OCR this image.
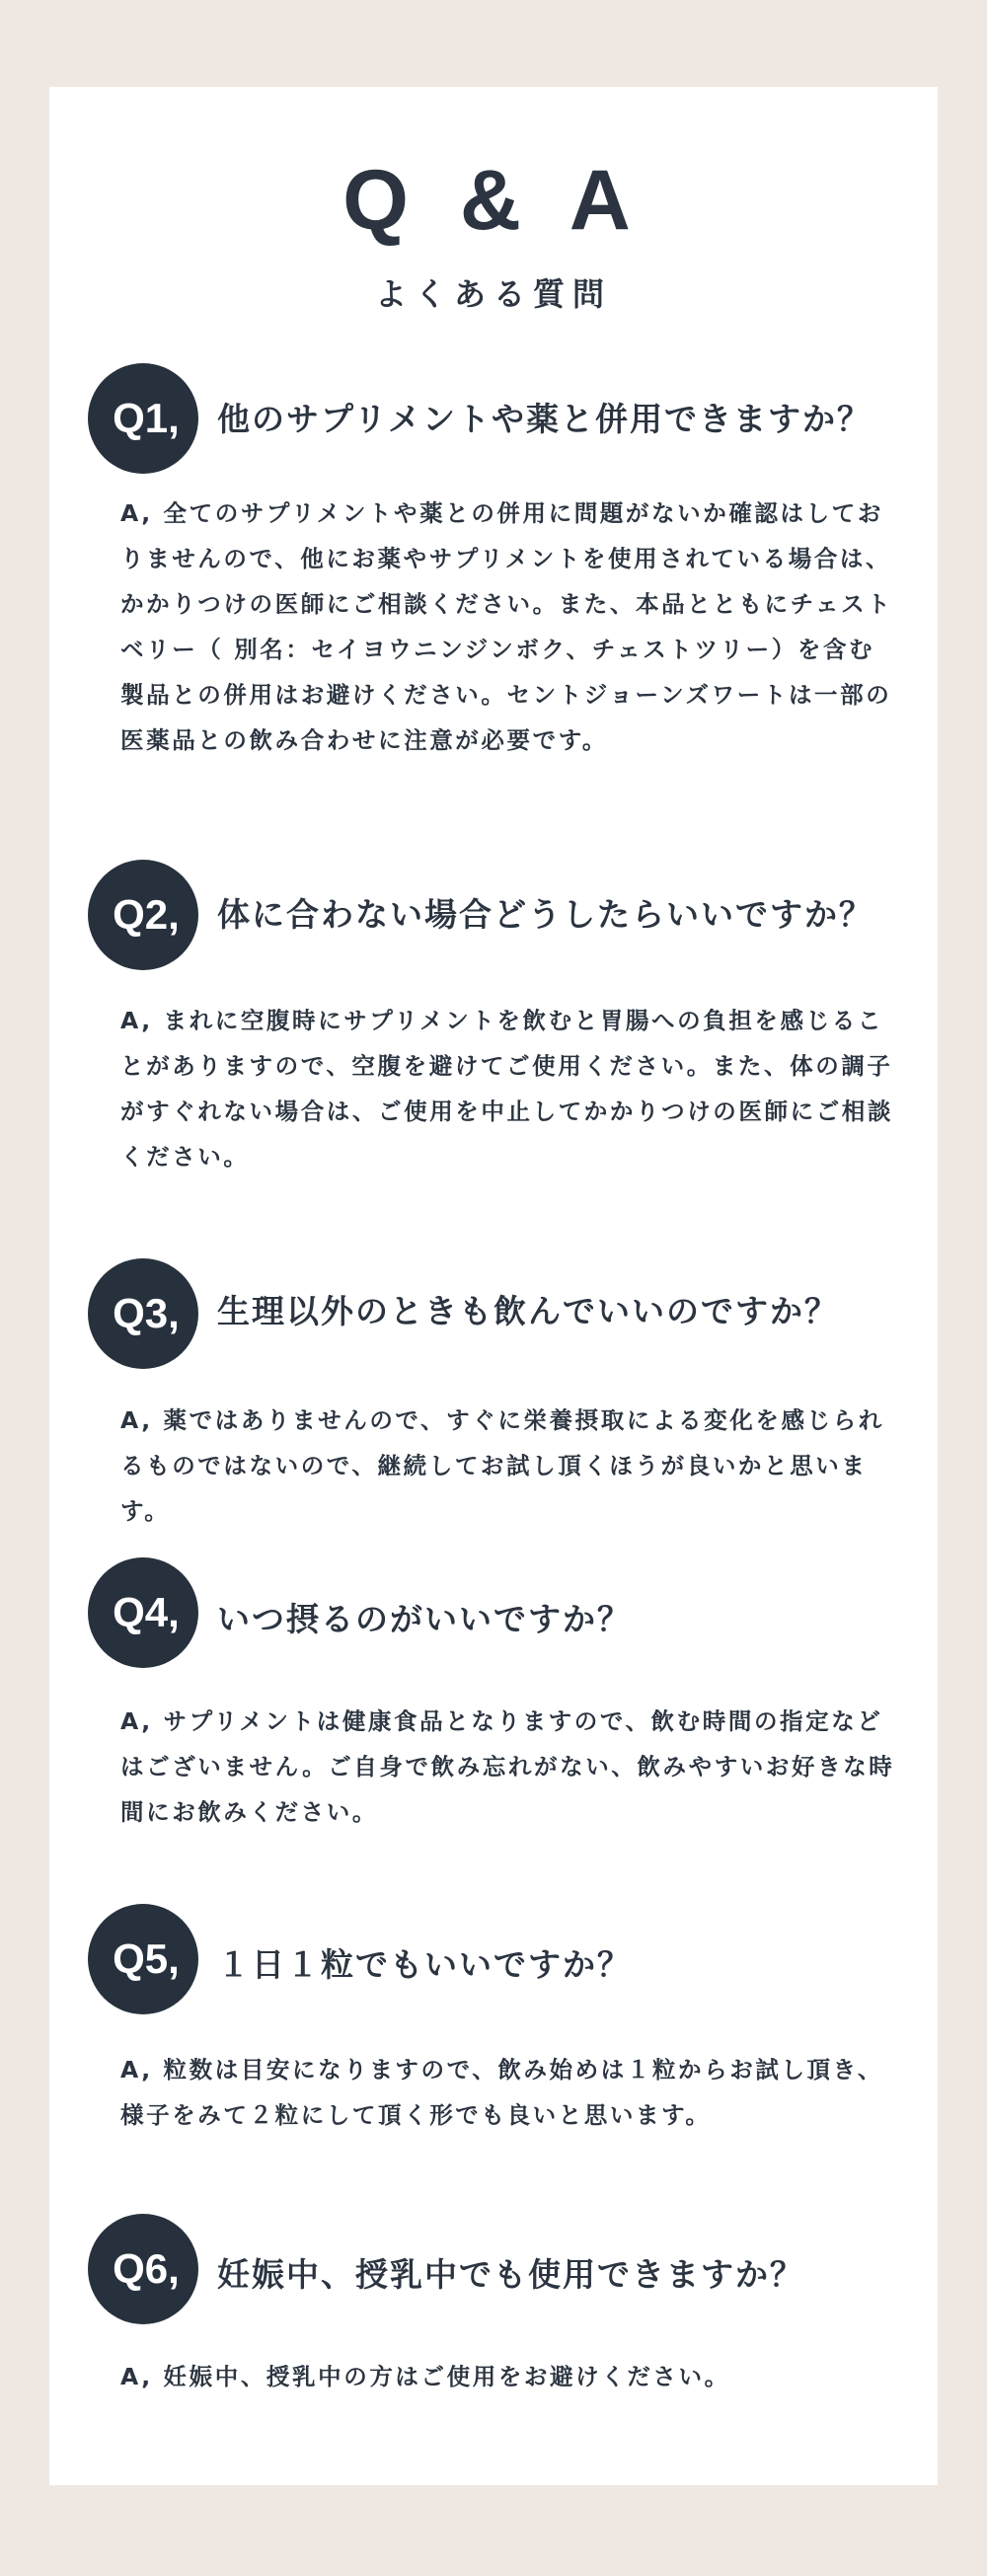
Q & A
よくある質問
Q1,	他のサプリメントや薬と併用できますか？

A, 全てのサプリメントや薬との併用に問題がないか確認はしておりませんので、他にお薬やサプリメントを使用されている場合は、かかりつけの医師にご相談ください。また、本品とともにチェストベリー（ 別名：セイヨウニンジンボク、チェストツリー）を含む製品との併用はお避けください。セントジョーンズワートは一部の医薬品との飲み合わせに注意が必要です。

Q2,	体に合わない場合どうしたらいいですか？

A, まれに空腹時にサプリメントを飲むと胃腸への負担を感じることがありますので、空腹を避けてご使用ください。また、体の調子がすぐれない場合は、ご使用を中止してかかりつけの医師にご相談ください。

Q3,	生理以外のときも飲んでいいのですか？

A, 薬ではありませんので、すぐに栄養摂取による変化を感じられるものではないので、継続してお試し頂くほうが良いかと思います。

Q4,	いつ摂るのがいいですか？

A, サプリメントは健康食品となりますので、飲む時間の指定などはございません。ご自身で飲み忘れがない、飲みやすいお好きな時間にお飲みください。

Q5,	１日１粒でもいいですか？

A, 粒数は目安になりますので、飲み始めは１粒からお試し頂き、様子をみて２粒にして頂く形でも良いと思います。

Q6,	妊娠中、授乳中でも使用できますか？

A, 妊娠中、授乳中の方はご使用をお避けください。
